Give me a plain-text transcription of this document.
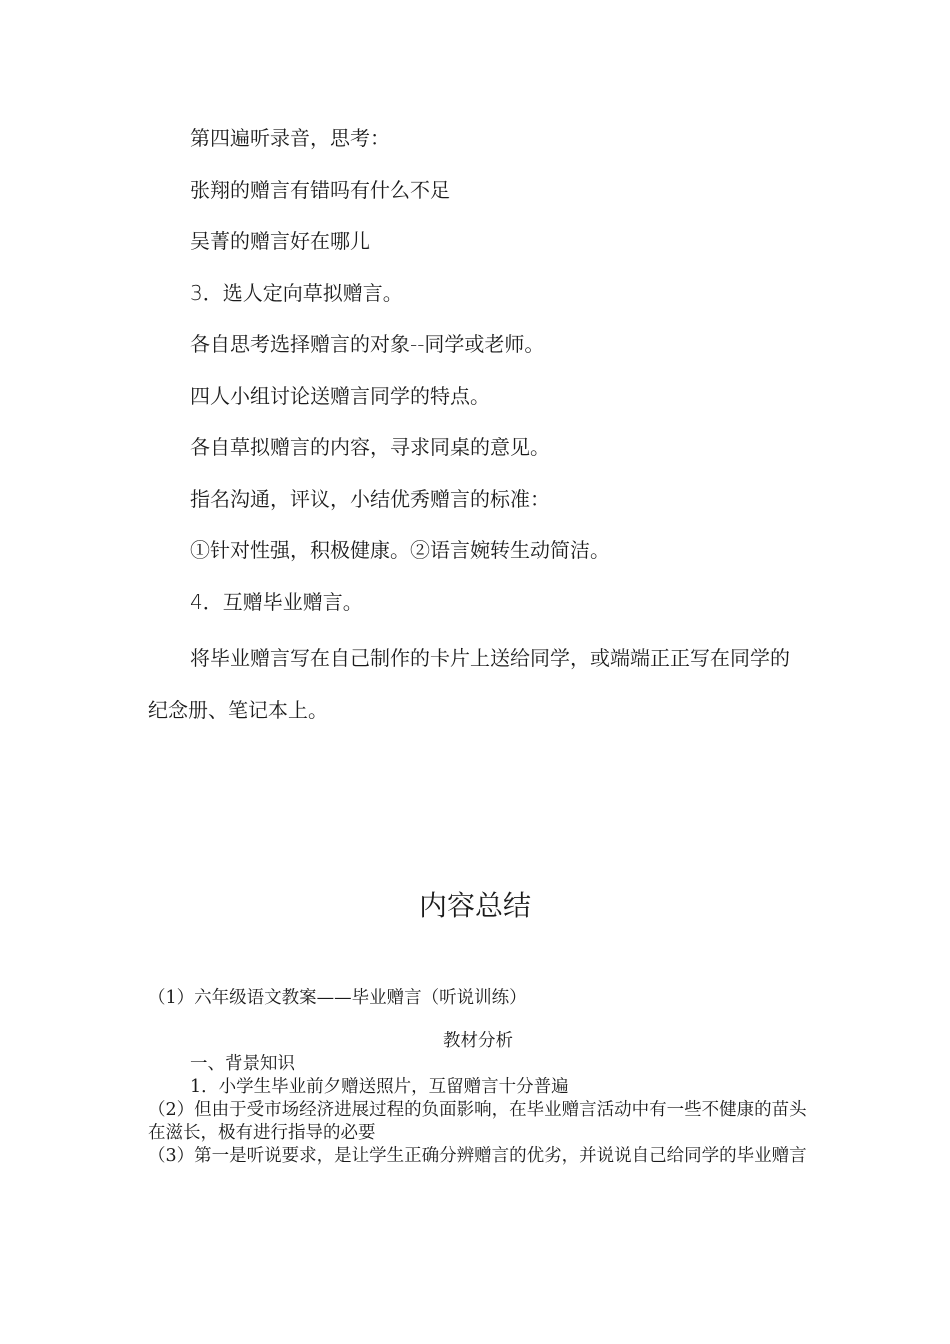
第四遍听录音，思考：

张翔的赠言有错吗有什么不足

吴菁的赠言好在哪儿

3．选人定向草拟赠言。

各自思考选择赠言的对象--同学或老师。

四人小组讨论送赠言同学的特点。

各自草拟赠言的内容，寻求同桌的意见。

指名沟通，评议，小结优秀赠言的标准：

①针对性强，积极健康。②语言婉转生动简洁。

4．互赠毕业赠言。

将毕业赠言写在自己制作的卡片上送给同学，或端端正正写在同学的纪念册、笔记本上。

内容总结

（1）六年级语文教案——毕业赠言（听说训练）

教材分析

一、背景知识

1．小学生毕业前夕赠送照片，互留赠言十分普遍

（2）但由于受市场经济进展过程的负面影响，在毕业赠言活动中有一些不健康的苗头在滋长，极有进行指导的必要

（3）第一是听说要求，是让学生正确分辨赠言的优劣，并说说自己给同学的毕业赠言
